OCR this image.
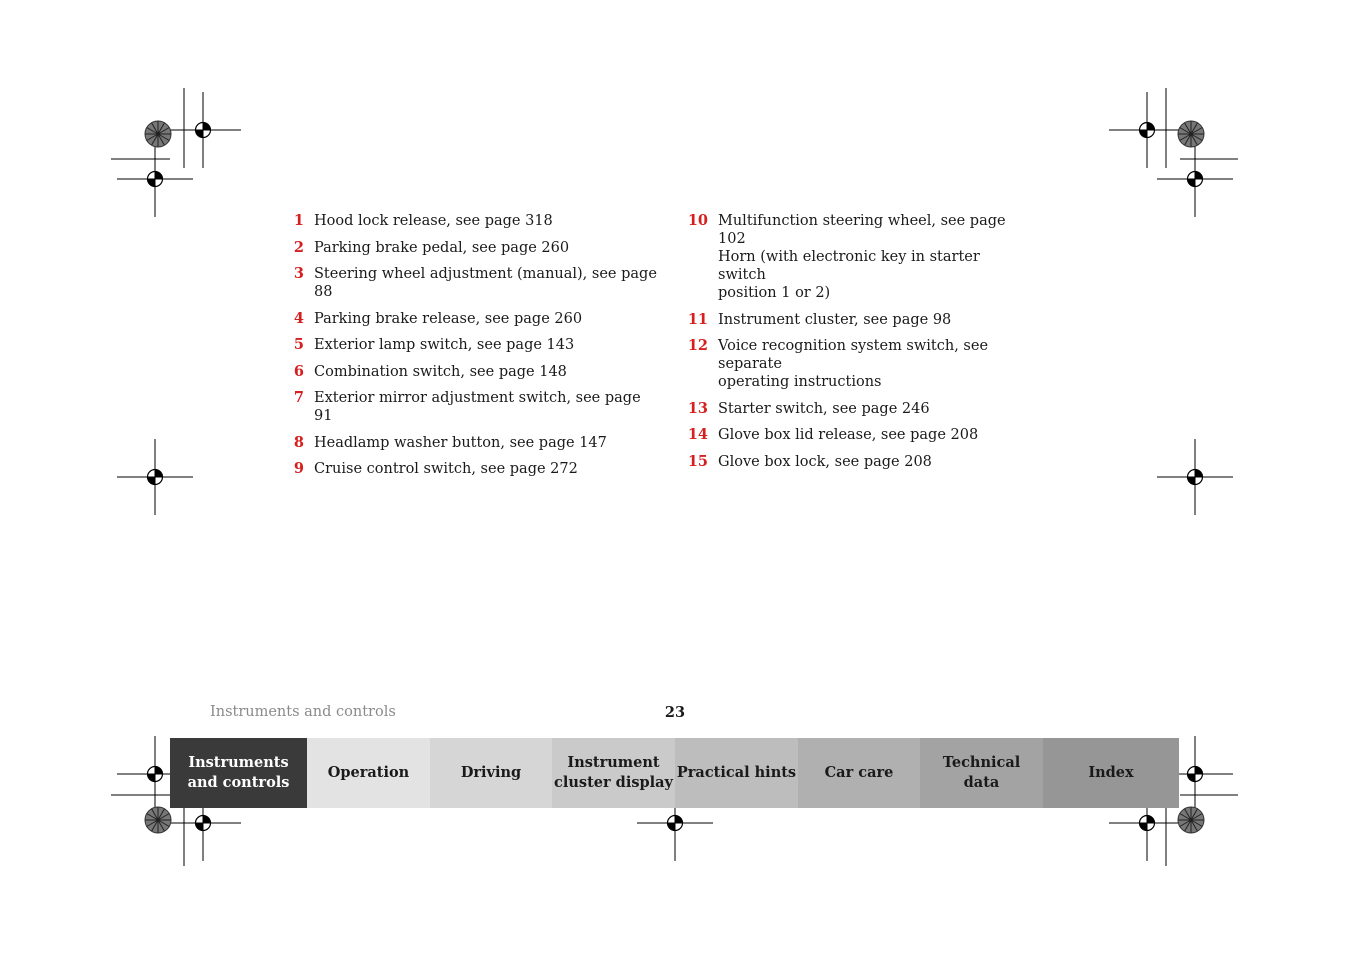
1 Hood lock release, see page 318
2 Parking brake pedal, see page 260
3 Steering wheel adjustment (manual), see page 88
4 Parking brake release, see page 260
5 Exterior lamp switch, see page 143
6 Combination switch, see page 148
7 Exterior mirror adjustment switch, see page 91
8 Headlamp washer button, see page 147
9 Cruise control switch, see page 272
10 Multifunction steering wheel, see page 102
Horn (with electronic key in starter switch
position 1 or 2)
11 Instrument cluster, see page 98
12 Voice recognition system switch, see separate
operating instructions
13 Starter switch, see page 246
14 Glove box lid release, see page 208
15 Glove box lock, see page 208
Instruments and controls	23
Instruments
and controls
Operation	Driving
Instrument
cluster display
Practical hints Car care
Technical
data
Index
